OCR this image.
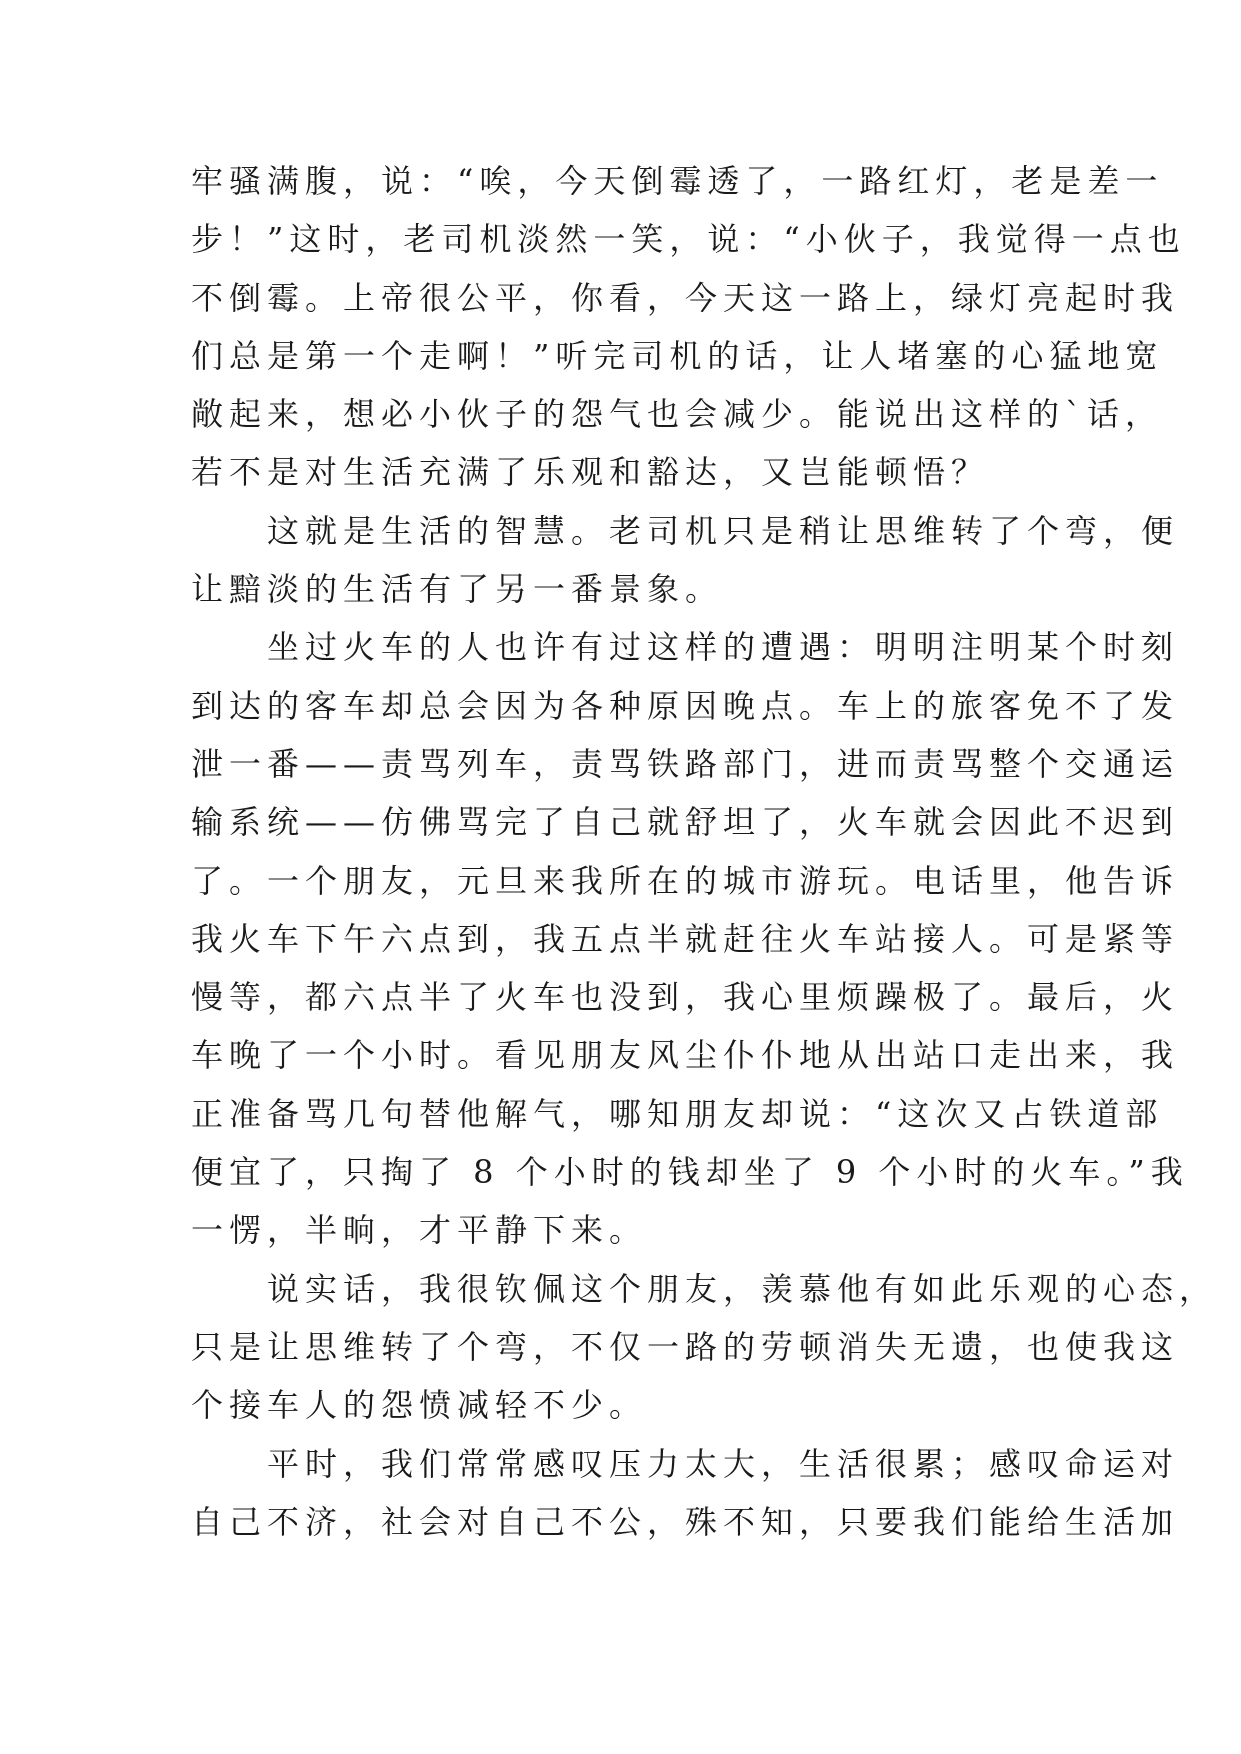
牢骚满腹，说：“唉，今天倒霉透了，一路红灯，老是差一
步！”这时，老司机淡然一笑，说：“小伙子，我觉得一点也
不倒霉。上帝很公平，你看，今天这一路上，绿灯亮起时我
们总是第一个走啊！”听完司机的话，让人堵塞的心猛地宽
敞起来，想必小伙子的怨气也会减少。能说出这样的`话，
若不是对生活充满了乐观和豁达，又岂能顿悟？
　　这就是生活的智慧。老司机只是稍让思维转了个弯，便
让黯淡的生活有了另一番景象。
　　坐过火车的人也许有过这样的遭遇：明明注明某个时刻
到达的客车却总会因为各种原因晚点。车上的旅客免不了发
泄一番——责骂列车，责骂铁路部门，进而责骂整个交通运
输系统——仿佛骂完了自己就舒坦了，火车就会因此不迟到
了。一个朋友，元旦来我所在的城市游玩。电话里，他告诉
我火车下午六点到，我五点半就赶往火车站接人。可是紧等
慢等，都六点半了火车也没到，我心里烦躁极了。最后，火
车晚了一个小时。看见朋友风尘仆仆地从出站口走出来，我
正准备骂几句替他解气，哪知朋友却说：“这次又占铁道部
便宜了，只掏了 8 个小时的钱却坐了 9 个小时的火车。”我
一愣，半晌，才平静下来。
　　说实话，我很钦佩这个朋友，羡慕他有如此乐观的心态，
只是让思维转了个弯，不仅一路的劳顿消失无遗，也使我这
个接车人的怨愤减轻不少。
　　平时，我们常常感叹压力太大，生活很累；感叹命运对
自己不济，社会对自己不公，殊不知，只要我们能给生活加
